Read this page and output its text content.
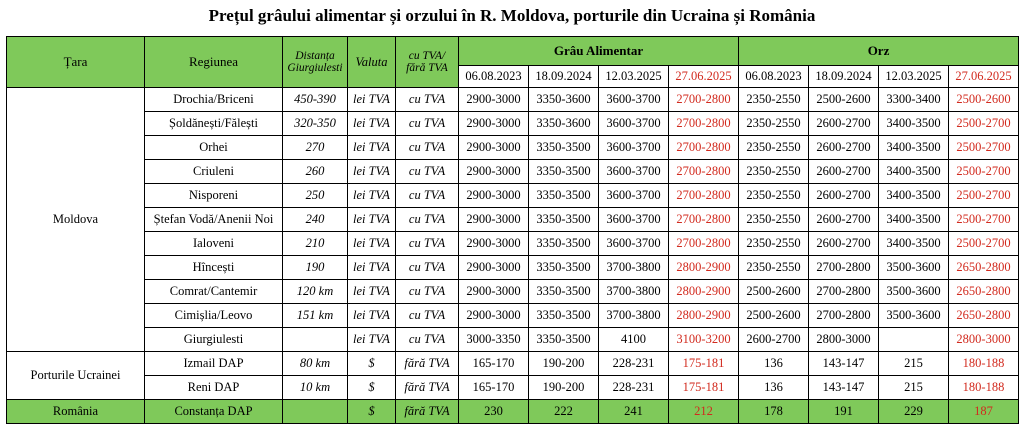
Prețul grâului alimentar și orzului în R. Moldova, porturile din Ucraina și România
Țara	Regiunea	Distanța Giurgiulesti	Valuta	cu TVA/ fără TVA	Grâu Alimentar				Orz			
					06.08.2023	18.09.2024	12.03.2025	27.06.2025	06.08.2023	18.09.2024	12.03.2025	27.06.2025
Moldova	Drochia/Briceni	450-390	lei TVA	cu TVA	2900-3000	3350-3600	3600-3700	2700-2800	2350-2550	2500-2600	3300-3400	2500-2600
	Șoldănești/Fălești	320-350	lei TVA	cu TVA	2900-3000	3350-3600	3600-3700	2700-2800	2350-2550	2600-2700	3400-3500	2500-2700
	Orhei	270	lei TVA	cu TVA	2900-3000	3350-3500	3600-3700	2700-2800	2350-2550	2600-2700	3400-3500	2500-2700
	Criuleni	260	lei TVA	cu TVA	2900-3000	3350-3500	3600-3700	2700-2800	2350-2550	2600-2700	3400-3500	2500-2700
	Nisporeni	250	lei TVA	cu TVA	2900-3000	3350-3500	3600-3700	2700-2800	2350-2550	2600-2700	3400-3500	2500-2700
	Ștefan Vodă/Anenii Noi	240	lei TVA	cu TVA	2900-3000	3350-3500	3600-3700	2700-2800	2350-2550	2600-2700	3400-3500	2500-2700
	Ialoveni	210	lei TVA	cu TVA	2900-3000	3350-3500	3600-3700	2700-2800	2350-2550	2600-2700	3400-3500	2500-2700
	Hîncești	190	lei TVA	cu TVA	2900-3000	3350-3500	3700-3800	2800-2900	2350-2550	2700-2800	3500-3600	2650-2800
	Comrat/Cantemir	120 km	lei TVA	cu TVA	2900-3000	3350-3500	3700-3800	2800-2900	2500-2600	2700-2800	3500-3600	2650-2800
	Cimișlia/Leovo	151 km	lei TVA	cu TVA	2900-3000	3350-3500	3700-3800	2800-2900	2500-2600	2700-2800	3500-3600	2650-2800
	Giurgiulesti		lei TVA	cu TVA	3000-3350	3350-3500	4100	3100-3200	2600-2700	2800-3000		2800-3000
Porturile Ucrainei	Izmail DAP	80 km	$	fără TVA	165-170	190-200	228-231	175-181	136	143-147	215	180-188
	Reni DAP	10 km	$	fără TVA	165-170	190-200	228-231	175-181	136	143-147	215	180-188
România	Constanța DAP		$	fără TVA	230	222	241	212	178	191	229	187
